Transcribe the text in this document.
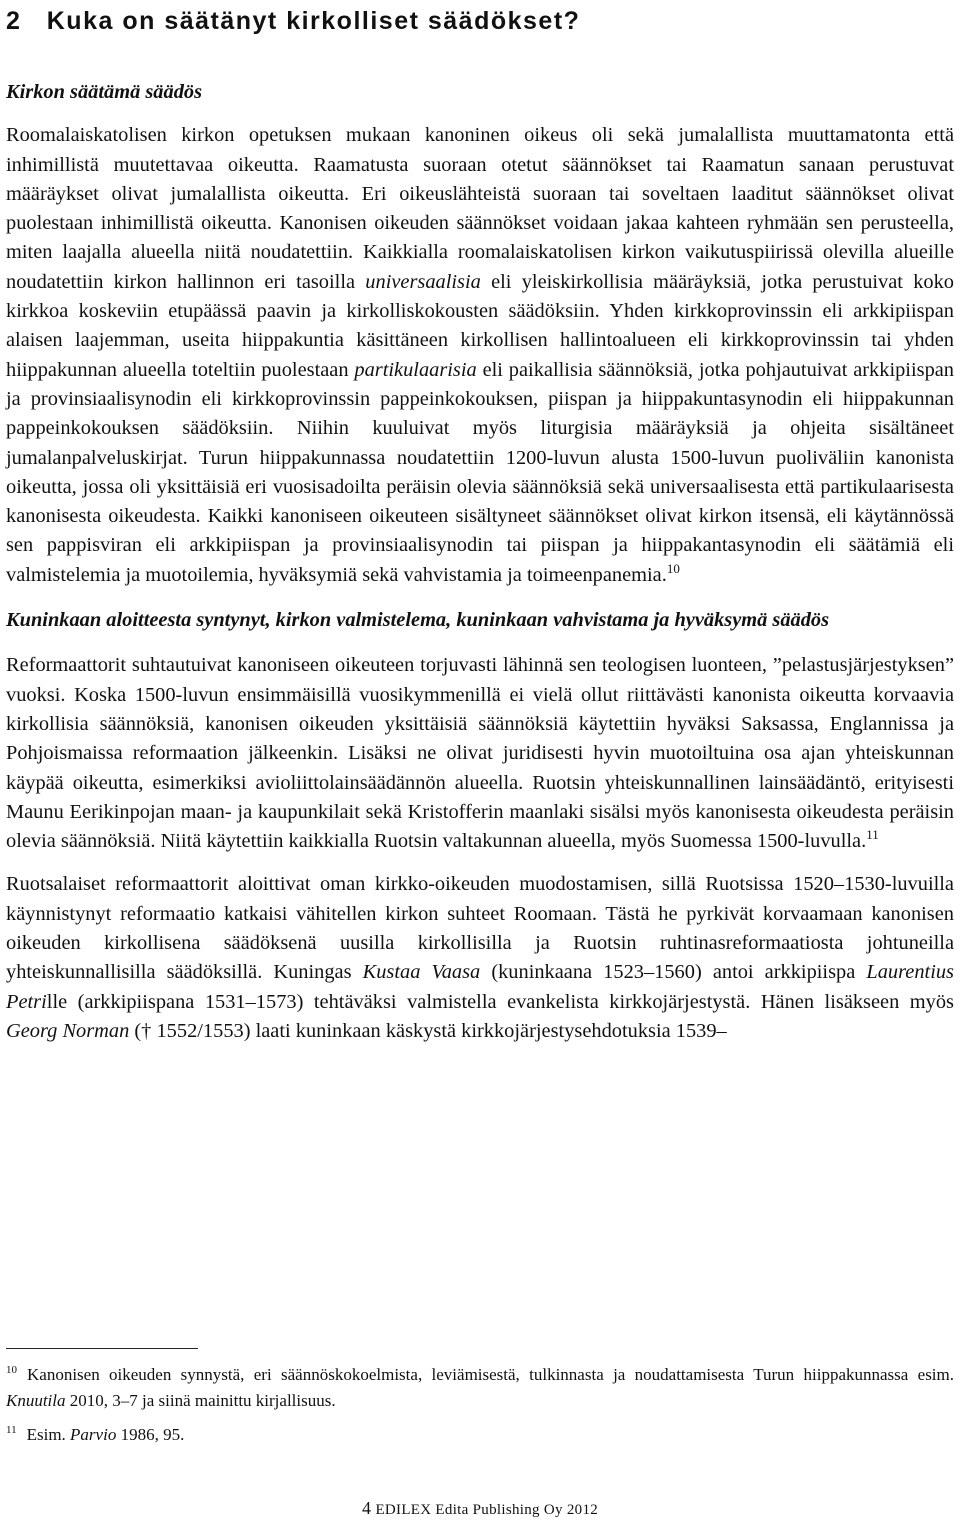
2 Kuka on säätänyt kirkolliset säädökset?
Kirkon säätämä säädös

Roomalaiskatolisen kirkon opetuksen mukaan kanoninen oikeus oli sekä jumalallista muuttamatonta että inhimillistä muutettavaa oikeutta. Raamatusta suoraan otetut säännökset tai Raamatun sanaan perustuvat määräykset olivat jumalallista oikeutta. Eri oikeuslähteistä suoraan tai soveltaen laaditut säännökset olivat puolestaan inhimillistä oikeutta. Kanonisen oikeuden säännökset voidaan jakaa kahteen ryhmään sen perusteella, miten laajalla alueella niitä noudatettiin. Kaikkialla roomalaiskatolisen kirkon vaikutuspiirissä olevilla alueille noudatettiin kirkon hallinnon eri tasoilla universaalisia eli yleiskirkollisia määräyksiä, jotka perustuivat koko kirkkoa koskeviin etupäässä paavin ja kirkolliskokousten säädöksiin. Yhden kirkkoprovinssin eli arkkipiispan alaisen laajemman, useita hiippakuntia käsittäneen kirkollisen hallintoalueen eli kirkkoprovinssin tai yhden hiippakunnan alueella toteltiin puolestaan partikulaarisia eli paikallisia säännöksiä, jotka pohjautuivat arkkipiispan ja provinsiaalisynodin eli kirkkoprovinssin pappeinkokouksen, piispan ja hiippakuntasynodin eli hiippakunnan pappeinkokouksen säädöksiin. Niihin kuuluivat myös liturgisia määräyksiä ja ohjeita sisältäneet jumalanpalveluskirjat. Turun hiippakunnassa noudatettiin 1200-luvun alusta 1500-luvun puoliväliin kanonista oikeutta, jossa oli yksittäisiä eri vuosisadoilta peräisin olevia säännöksiä sekä universaalisesta että partikulaarisesta kanonisesta oikeudesta. Kaikki kanoniseen oikeuteen sisältyneet säännökset olivat kirkon itsensä, eli käytännössä sen pappisviran eli arkkipiispan ja provinsiaalisynodin tai piispan ja hiippakantasynodin eli säätämiä eli valmistelemia ja muotoilemia, hyväksymiä sekä vahvistamia ja toimeenpanemia.$^{10}$

Kuninkaan aloitteesta syntynyt, kirkon valmistelema, kuninkaan vahvistama ja hyväksymä säädös

Reformaattorit suhtautuivat kanoniseen oikeuteen torjuvasti lähinnä sen teologisen luonteen, ”pelastusjärjestyksen” vuoksi. Koska 1500-luvun ensimmäisillä vuosikymmenillä ei vielä ollut riittävästi kanonista oikeutta korvaavia kirkollisia säännöksiä, kanonisen oikeuden yksittäisiä säännöksiä käytettiin hyväksi Saksassa, Englannissa ja Pohjoismaissa reformaation jälkeenkin. Lisäksi ne olivat juridisesti hyvin muotoiltuina osa ajan yhteiskunnan käypää oikeutta, esimerkiksi avioliittolainsäädännön alueella. Ruotsin yhteiskunnallinen lainsäädäntö, erityisesti Maunu Eerikinpojan maan- ja kaupunkilait sekä Kristofferin maanlaki sisälsi myös kanonisesta oikeudesta peräisin olevia säännöksiä. Niitä käytettiin kaikkialla Ruotsin valtakunnan alueella, myös Suomessa 1500-luvulla.$^{11}$

Ruotsalaiset reformaattorit aloittivat oman kirkko-oikeuden muodostamisen, sillä Ruotsissa 1520–1530-luvuilla käynnistynyt reformaatio katkaisi vähitellen kirkon suhteet Roomaan. Tästä he pyrkivät korvaamaan kanonisen oikeuden kirkollisena säädöksenä uusilla kirkollisilla ja Ruotsin ruhtinasreformaatiosta johtuneilla yhteiskunnallisilla säädöksillä. Kuningas Kustaa Vaasa (kuninkaana 1523–1560) antoi arkkipiispa Laurentius Petrille (arkkipiispana 1531–1573) tehtäväksi valmistella evankelista kirkkojärjestystä. Hänen lisäkseen myös Georg Norman († 1552/1553) laati kuninkaan käskystä kirkkojärjestysehdotuksia 1539–

$^{10}$ Kanonisen oikeuden synnystä, eri säännöskokoelmista, leviämisestä, tulkinnasta ja noudattamisesta Turun hiippakunnassa esim. Knuutila 2010, 3–7 ja siinä mainittu kirjallisuus.

$^{11}$ Esim. Parvio 1986, 95.

4 EDILEX Edita Publishing Oy 2012
